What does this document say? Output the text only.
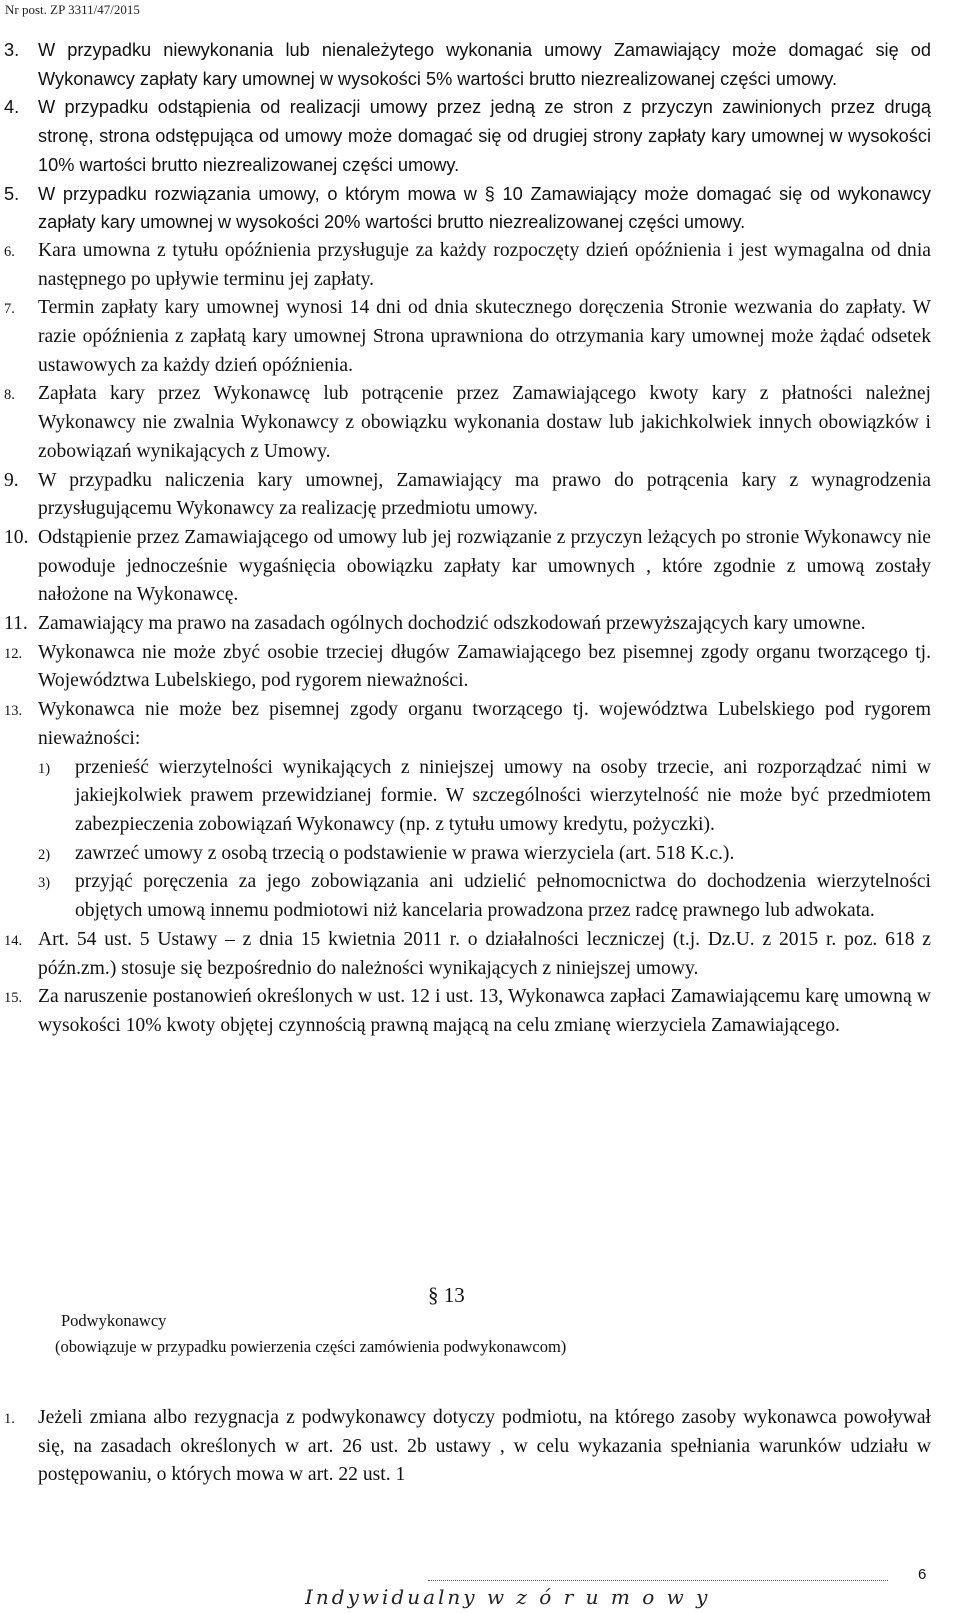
Nr post. ZP 3311/47/2015

3. W przypadku niewykonania lub nienależytego wykonania umowy Zamawiający może domagać się od Wykonawcy zapłaty kary umownej w wysokości 5% wartości brutto niezrealizowanej części umowy.

4. W przypadku odstąpienia od realizacji umowy przez jedną ze stron z przyczyn zawinionych przez drugą stronę, strona odstępująca od umowy może domagać się od drugiej strony zapłaty kary umownej w wysokości 10% wartości brutto niezrealizowanej części umowy.

5. W przypadku rozwiązania umowy, o którym mowa w § 10 Zamawiający może domagać się od wykonawcy zapłaty kary umownej w wysokości 20% wartości brutto niezrealizowanej części umowy.

6. Kara umowna z tytułu opóźnienia przysługuje za każdy rozpoczęty dzień opóźnienia i jest wymagalna od dnia następnego po upływie terminu jej zapłaty.

7. Termin zapłaty kary umownej wynosi 14 dni od dnia skutecznego doręczenia Stronie wezwania do zapłaty. W razie opóźnienia z zapłatą kary umownej Strona uprawniona do otrzymania kary umownej może żądać odsetek ustawowych za każdy dzień opóźnienia.

8. Zapłata kary przez Wykonawcę lub potrącenie przez Zamawiającego kwoty kary z płatności należnej Wykonawcy nie zwalnia Wykonawcy z obowiązku wykonania dostaw lub jakichkolwiek innych obowiązków i zobowiązań wynikających z Umowy.

9. W przypadku naliczenia kary umownej, Zamawiający ma prawo do potrącenia kary z wynagrodzenia przysługującemu Wykonawcy za realizację przedmiotu umowy.

10. Odstąpienie przez Zamawiającego od umowy lub jej rozwiązanie z przyczyn leżących po stronie Wykonawcy nie powoduje jednocześnie wygaśnięcia obowiązku zapłaty kar umownych , które zgodnie z umową zostały nałożone na Wykonawcę.

11. Zamawiający ma prawo na zasadach ogólnych dochodzić odszkodowań przewyższających kary umowne.

12. Wykonawca nie może zbyć osobie trzeciej długów Zamawiającego bez pisemnej zgody organu tworzącego tj. Województwa Lubelskiego, pod rygorem nieważności.

13. Wykonawca nie może bez pisemnej zgody organu tworzącego tj. województwa Lubelskiego pod rygorem nieważności:

1) przenieść wierzytelności wynikających z niniejszej umowy na osoby trzecie, ani rozporządzać nimi w jakiejkolwiek prawem przewidzianej formie. W szczególności wierzytelność nie może być przedmiotem zabezpieczenia zobowiązań Wykonawcy (np. z tytułu umowy kredytu, pożyczki).

2) zawrzeć umowy z osobą trzecią o podstawienie w prawa wierzyciela (art. 518 K.c.).

3) przyjąć poręczenia za jego zobowiązania ani udzielić pełnomocnictwa do dochodzenia wierzytelności objętych umową innemu podmiotowi niż kancelaria prowadzona przez radcę prawnego lub adwokata.

14. Art. 54 ust. 5 Ustawy – z dnia 15 kwietnia 2011 r. o działalności leczniczej (t.j. Dz.U. z 2015 r. poz. 618 z późn.zm.) stosuje się bezpośrednio do należności wynikających z niniejszej umowy.

15. Za naruszenie postanowień określonych w ust. 12 i ust. 13, Wykonawca zapłaci Zamawiającemu karę umowną w wysokości 10% kwoty objętej czynnością prawną mającą na celu zmianę wierzyciela Zamawiającego.

§ 13
Podwykonawcy
(obowiązuje w przypadku powierzenia części zamówienia podwykonawcom)

1. Jeżeli zmiana albo rezygnacja z podwykonawcy dotyczy podmiotu, na którego zasoby wykonawca powoływał się, na zasadach określonych w art. 26 ust. 2b ustawy , w celu wykazania spełniania warunków udziału w postępowaniu, o których mowa w art. 22 ust. 1

6
Indywidualny w z ó r u m o w y
